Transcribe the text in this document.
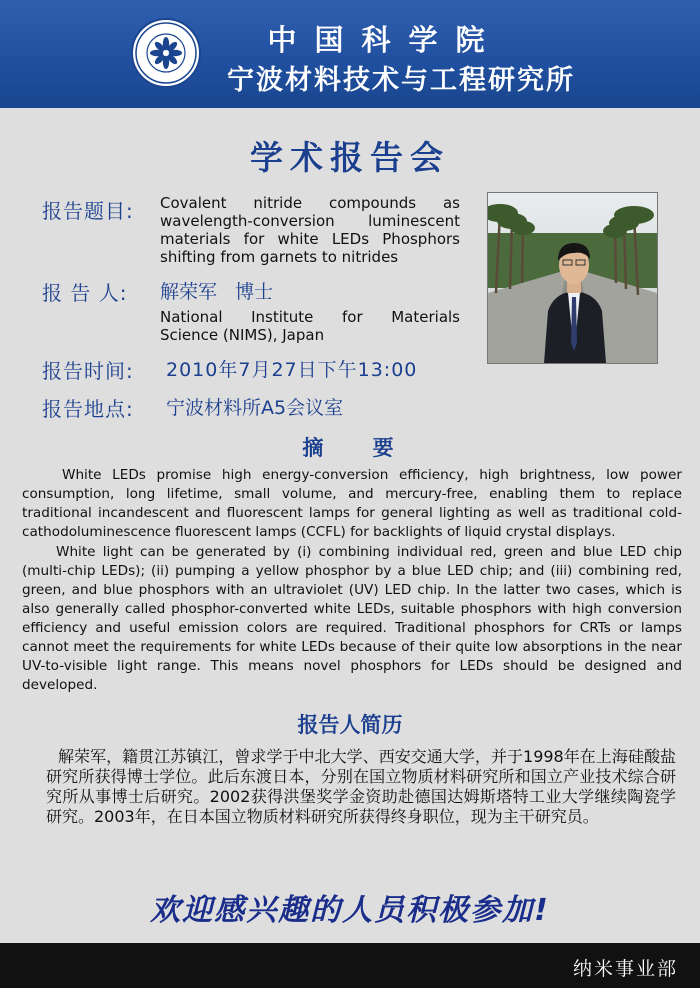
中国科学院
宁波材料技术与工程研究所
学术报告会
报告题目: Covalent nitride compounds as
wavelength-conversion luminescent
materials for white LEDs Phosphors
shifting from garnets to nitrides
报 告 人: 解荣军   博士
National Institute for Materials
Science (NIMS), Japan
报告时间: 2010年7月27日下午13:00
报告地点: 宁波材料所A5会议室
摘    要

White LEDs promise high energy-conversion efficiency, high brightness, low power consumption, long lifetime, small volume, and mercury-free, enabling them to replace traditional incandescent and fluorescent lamps for general lighting as well as traditional cold-cathodoluminescence fluorescent lamps (CCFL) for backlights of liquid crystal displays.

White light can be generated by (i) combining individual red, green and blue LED chip (multi-chip LEDs); (ii) pumping a yellow phosphor by a blue LED chip; and (iii) combining red, green, and blue phosphors with an ultraviolet (UV) LED chip. In the latter two cases, which is also generally called phosphor-converted white LEDs, suitable phosphors with high conversion efficiency and useful emission colors are required. Traditional phosphors for CRTs or lamps cannot meet the requirements for white LEDs because of their quite low absorptions in the near UV-to-visible light range. This means novel phosphors for LEDs should be designed and developed.

报告人简历

解荣军，籍贯江苏镇江，曾求学于中北大学、西安交通大学，并于1998年在上海硅酸盐研究所获得博士学位。此后东渡日本，分别在国立物质材料研究所和国立产业技术综合研究所从事博士后研究。2002获得洪堡奖学金资助赴德国达姆斯塔特工业大学继续陶瓷学研究。2003年，在日本国立物质材料研究所获得终身职位，现为主干研究员。

欢迎感兴趣的人员积极参加!
纳米事业部
